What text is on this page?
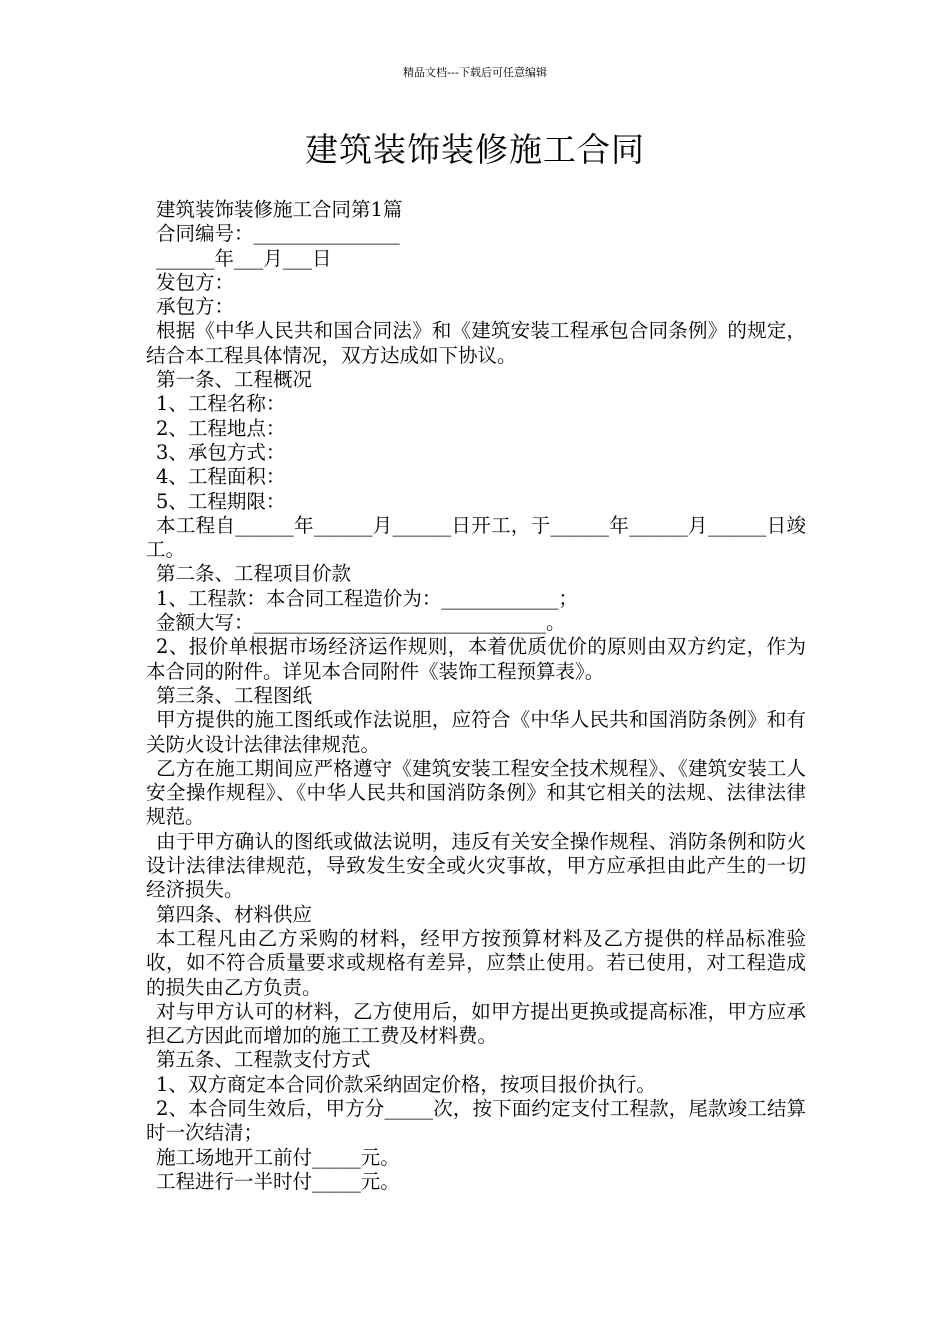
精品文档---下载后可任意编辑
建筑装饰装修施工合同

建筑装饰装修施工合同第1篇

合同编号：_______________

______年___月___日

发包方：

承包方：

根据《中华人民共和国合同法》和《建筑安装工程承包合同条例》的规定，结合本工程具体情况，双方达成如下协议。

第一条、工程概况

1、工程名称：

2、工程地点：

3、承包方式：

4、工程面积：

5、工程期限：

本工程自______年______月______日开工，于______年______月______日竣工。

第二条、工程项目价款

1、工程款：本合同工程造价为：____________；

金额大写：______________________________。

2、报价单根据市场经济运作规则，本着优质优价的原则由双方约定，作为本合同的附件。详见本合同附件《装饰工程预算表》。

第三条、工程图纸

甲方提供的施工图纸或作法说胆，应符合《中华人民共和国消防条例》和有关防火设计法律法律规范。

乙方在施工期间应严格遵守《建筑安装工程安全技术规程》、《建筑安装工人安全操作规程》、《中华人民共和国消防条例》和其它相关的法规、法律法律规范。

由于甲方确认的图纸或做法说明，违反有关安全操作规程、消防条例和防火设计法律法律规范，导致发生安全或火灾事故，甲方应承担由此产生的一切经济损失。

第四条、材料供应

本工程凡由乙方采购的材料，经甲方按预算材料及乙方提供的样品标准验收，如不符合质量要求或规格有差异，应禁止使用。若已使用，对工程造成的损失由乙方负责。

对与甲方认可的材料，乙方使用后，如甲方提出更换或提高标准，甲方应承担乙方因此而增加的施工工费及材料费。

第五条、工程款支付方式

1、双方商定本合同价款采纳固定价格，按项目报价执行。

2、本合同生效后，甲方分_____次，按下面约定支付工程款，尾款竣工结算时一次结清；

施工场地开工前付_____元。

工程进行一半时付_____元。
